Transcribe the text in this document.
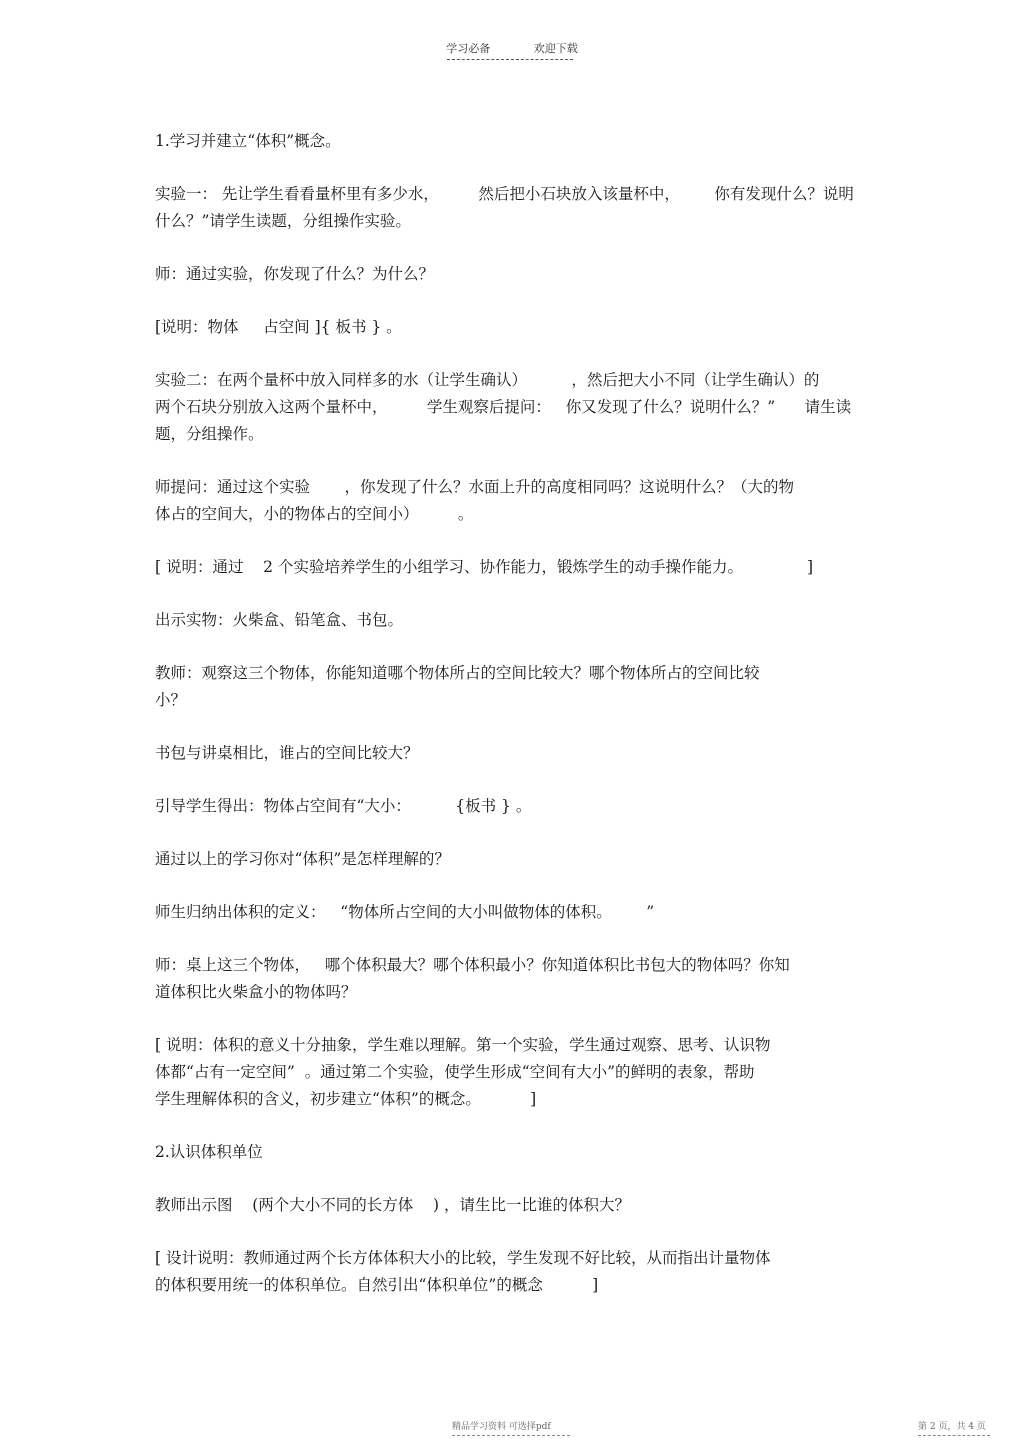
学习必备	欢迎下载
1.学习并建立“体积”概念。
实验一： 先让学生看看量杯里有多少水，        然后把小石块放入该量杯中，       你有发现什么？说明
什么？”请学生读题，分组操作实验。
师：通过实验，你发现了什么？为什么？
[说明：物体     占空间 ]{ 板书 } 。
实验二：在两个量杯中放入同样多的水（让学生确认）         ，然后把大小不同（让学生确认）的
两个石块分别放入这两个量杯中，        学生观察后提问：   你又发现了什么？说明什么？”      请生读
题，分组操作。
师提问：通过这个实验       ，你发现了什么？水面上升的高度相同吗？这说明什么？（大的物
体占的空间大，小的物体占的空间小）        。
[ 说明：通过    2 个实验培养学生的小组学习、协作能力，锻炼学生的动手操作能力。             ]
出示实物：火柴盒、铅笔盒、书包。
教师：观察这三个物体，你能知道哪个物体所占的空间比较大？哪个物体所占的空间比较
小？
书包与讲桌相比，谁占的空间比较大？
引导学生得出：物体占空间有“大小：         {板书 } 。
通过以上的学习你对“体积”是怎样理解的？
师生归纳出体积的定义：   “物体所占空间的大小叫做物体的体积。       ”
师：桌上这三个物体，   哪个体积最大？哪个体积最小？你知道体积比书包大的物体吗？你知
道体积比火柴盒小的物体吗？
[ 说明：体积的意义十分抽象，学生难以理解。第一个实验，学生通过观察、思考、认识物
体都“占有一定空间”  。通过第二个实验，使学生形成“空间有大小”的鲜明的表象，帮助
学生理解体积的含义，初步建立“体积”的概念。          ]
2.认识体积单位
教师出示图    (两个大小不同的长方体    ) ，请生比一比谁的体积大？
[ 设计说明：教师通过两个长方体体积大小的比较，学生发现不好比较，从而指出计量物体
的体积要用统一的体积单位。自然引出“体积单位”的概念          ]
精品学习资料 可选择pdf	第 2 页，共 4 页
